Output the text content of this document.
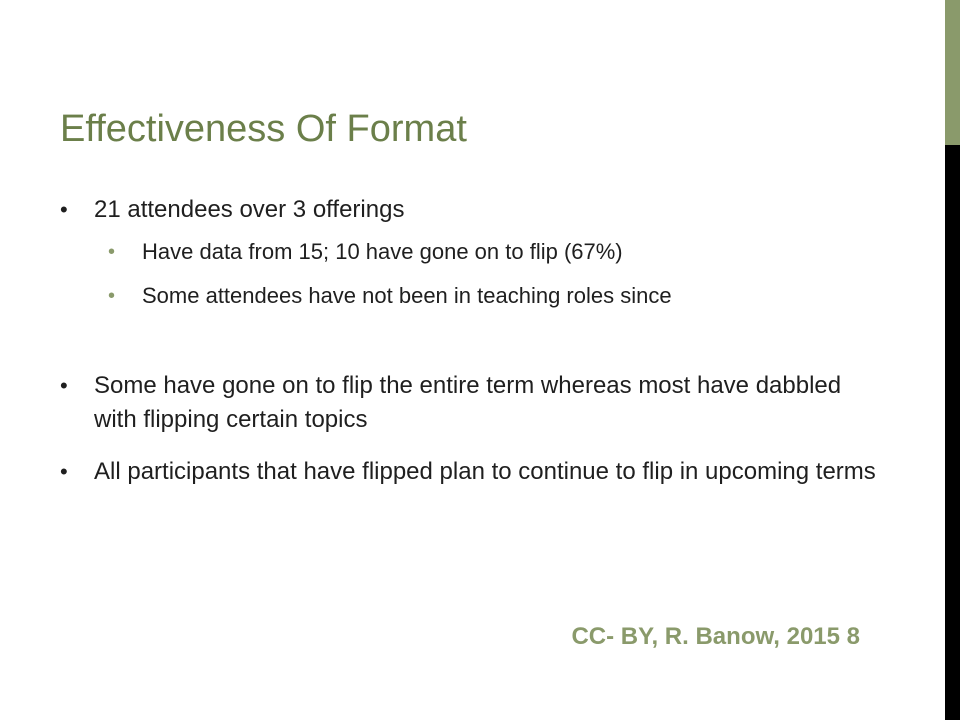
Effectiveness Of Format
• 21 attendees over 3 offerings
• Have data from 15; 10 have gone on to flip (67%)
• Some attendees have not been in teaching roles since
• Some have gone on to flip the entire term whereas most have dabbled with flipping certain topics
• All participants that have flipped plan to continue to flip in upcoming terms
CC- BY, R. Banow, 2015 8
